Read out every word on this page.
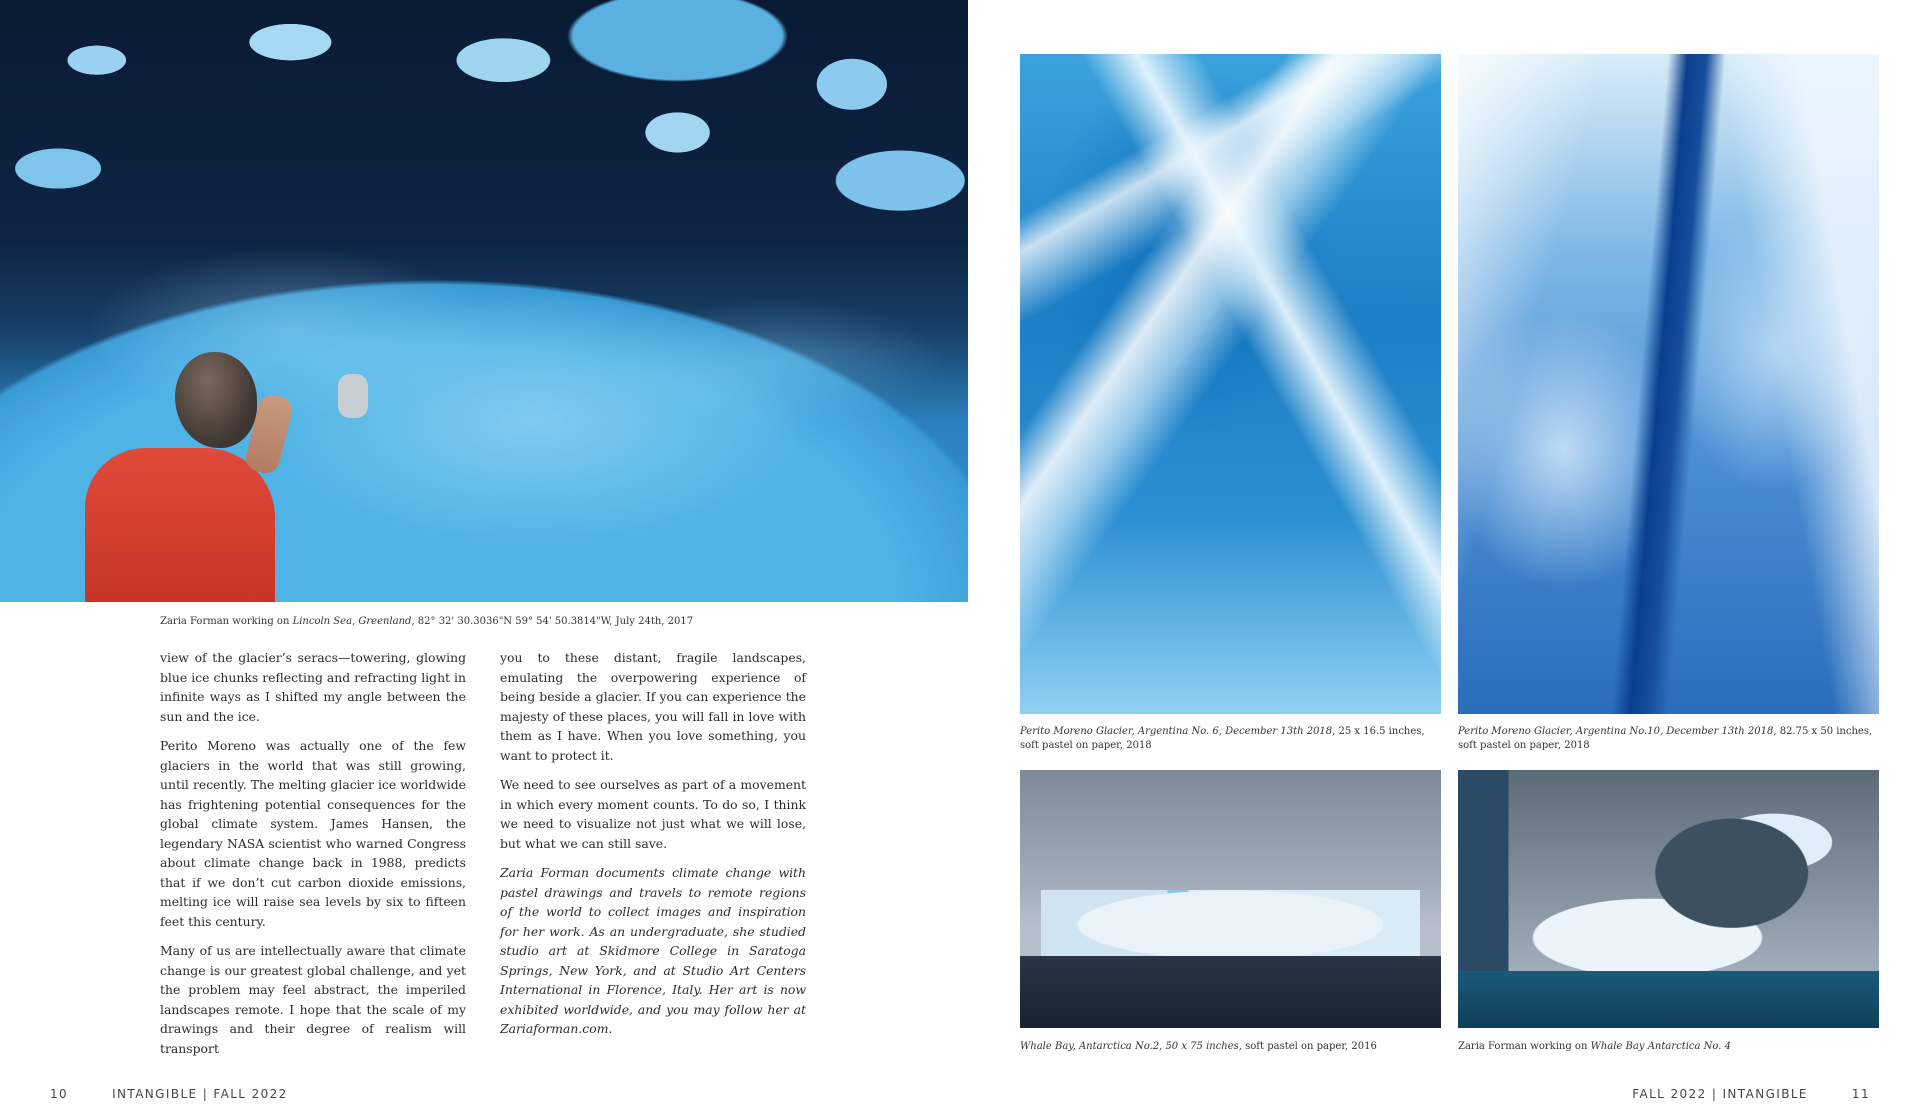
Zaria Forman working on Lincoln Sea, Greenland, 82° 32' 30.3036"N 59° 54' 50.3814"W, July 24th, 2017
Perito Moreno Glacier, Argentina No. 6, December 13th 2018, 25 x 16.5 inches,
soft pastel on paper, 2018
Perito Moreno Glacier, Argentina No.10, December 13th 2018, 82.75 x 50 inches,
soft pastel on paper, 2018
Whale Bay, Antarctica No.2, 50 x 75 inches, soft pastel on paper, 2016	Zaria Forman working on Whale Bay Antarctica No. 4

view of the glacier’s seracs—towering, glowing blue ice chunks reflecting and refracting light in infinite ways as I shifted my angle between the sun and the ice.

Perito Moreno was actually one of the few glaciers in the world that was still growing, until recently. The melting glacier ice worldwide has frightening potential consequences for the global climate system. James Hansen, the legendary NASA scientist who warned Congress about climate change back in 1988, predicts that if we don’t cut carbon dioxide emissions, melting ice will raise sea levels by six to fifteen feet this century.

Many of us are intellectually aware that climate change is our greatest global challenge, and yet the problem may feel abstract, the imperiled landscapes remote. I hope that the scale of my drawings and their degree of realism will transport

you to these distant, fragile landscapes, emulating the overpowering experience of being beside a glacier. If you can experience the majesty of these places, you will fall in love with them as I have. When you love something, you want to protect it.

We need to see ourselves as part of a movement in which every moment counts. To do so, I think we need to visualize not just what we will lose, but what we can still save.

Zaria Forman documents climate change with pastel drawings and travels to remote regions of the world to collect images and inspiration for her work. As an undergraduate, she studied studio art at Skidmore College in Saratoga Springs, New York, and at Studio Art Centers International in Florence, Italy. Her art is now exhibited worldwide, and you may follow her at Zariaforman.com.

10	INTANGIBLE | FALL 2022	FALL 2022 | INTANGIBLE	11
